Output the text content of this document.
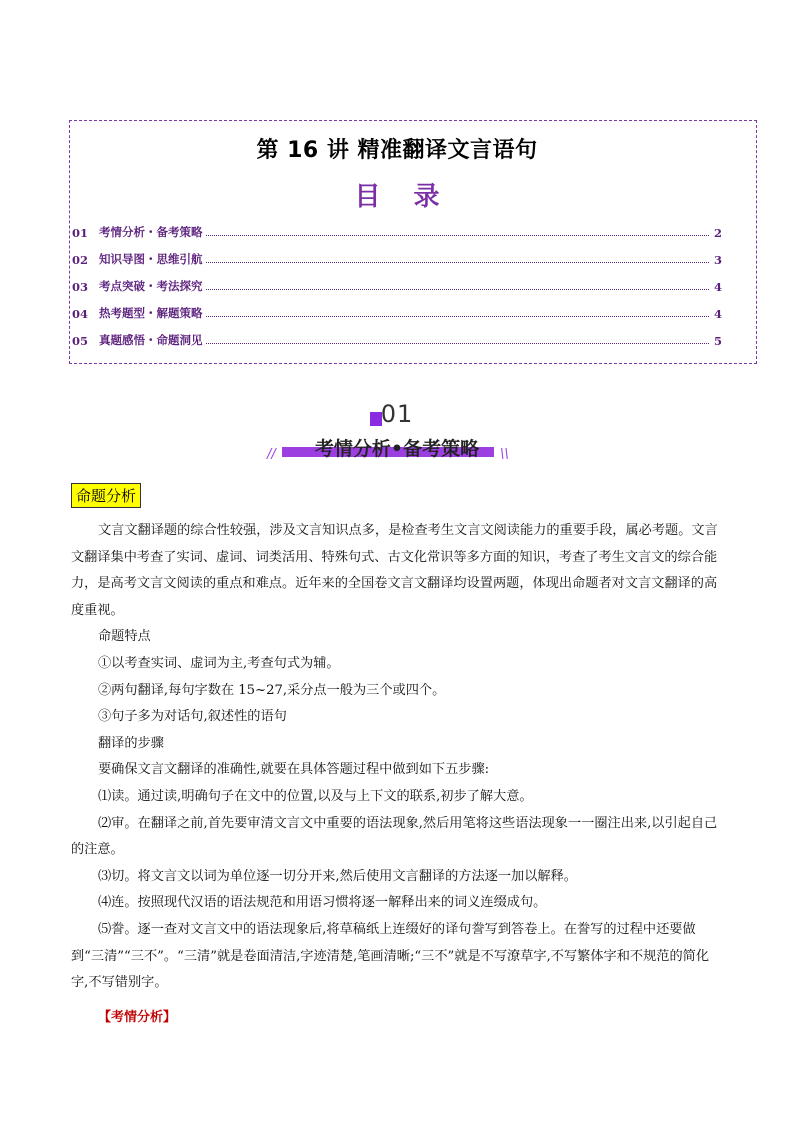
第 16 讲 精准翻译文言语句
目 录
01 考情分析・备考策略	2
02 知识导图・思维引航	3
03 考点突破・考法探究	4
04 热考题型・解题策略	4
05 真题感悟・命题洞见	5
01
//	考情分析•备考策略	\\
命题分析

文言文翻译题的综合性较强，涉及文言知识点多，是检查考生文言文阅读能力的重要手段，属必考题。文言文翻译集中考查了实词、虚词、词类活用、特殊句式、古文化常识等多方面的知识，考查了考生文言文的综合能力，是高考文言文阅读的重点和难点。近年来的全国卷文言文翻译均设置两题，体现出命题者对文言文翻译的高度重视。

命题特点

①以考查实词、虚词为主,考查句式为辅。

②两句翻译,每句字数在 15~27,采分点一般为三个或四个。

③句子多为对话句,叙述性的语句

翻译的步骤

要确保文言文翻译的准确性,就要在具体答题过程中做到如下五步骤:

⑴读。通过读,明确句子在文中的位置,以及与上下文的联系,初步了解大意。

⑵审。在翻译之前,首先要审清文言文中重要的语法现象,然后用笔将这些语法现象一一圈注出来,以引起自己的注意。

⑶切。将文言文以词为单位逐一切分开来,然后使用文言翻译的方法逐一加以解释。

⑷连。按照现代汉语的语法规范和用语习惯将逐一解释出来的词义连缀成句。

⑸誊。逐一查对文言文中的语法现象后,将草稿纸上连缀好的译句誊写到答卷上。在誊写的过程中还要做到“三清”“三不”。“三清”就是卷面清洁,字迹清楚,笔画清晰;“三不”就是不写潦草字,不写繁体字和不规范的简化字,不写错别字。

【考情分析】
